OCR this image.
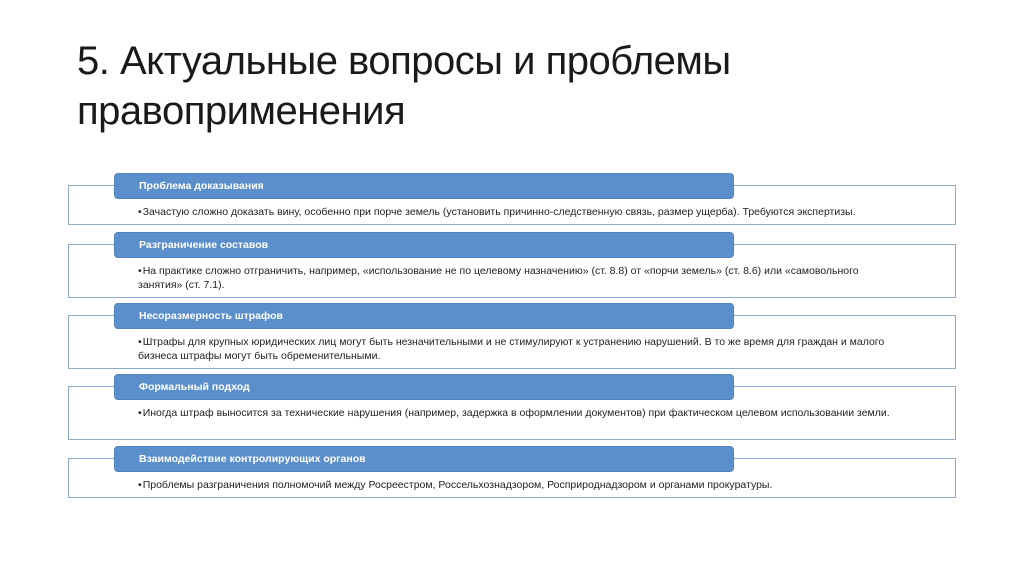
5. Актуальные вопросы и проблемы правоприменения
Проблема доказывания

•Зачастую сложно доказать вину, особенно при порче земель (установить причинно-следственную связь, размер ущерба). Требуются экспертизы.

Разграничение составов

•На практике сложно отграничить, например, «использование не по целевому назначению» (ст. 8.8) от «порчи земель» (ст. 8.6) или «самовольного занятия» (ст. 7.1).

Несоразмерность штрафов

•Штрафы для крупных юридических лиц могут быть незначительными и не стимулируют к устранению нарушений. В то же время для граждан и малого бизнеса штрафы могут быть обременительными.

Формальный подход

•Иногда штраф выносится за технические нарушения (например, задержка в оформлении документов) при фактическом целевом использовании земли.

Взаимодействие контролирующих органов

•Проблемы разграничения полномочий между Росреестром, Россельхознадзором, Росприроднадзором и органами прокуратуры.
